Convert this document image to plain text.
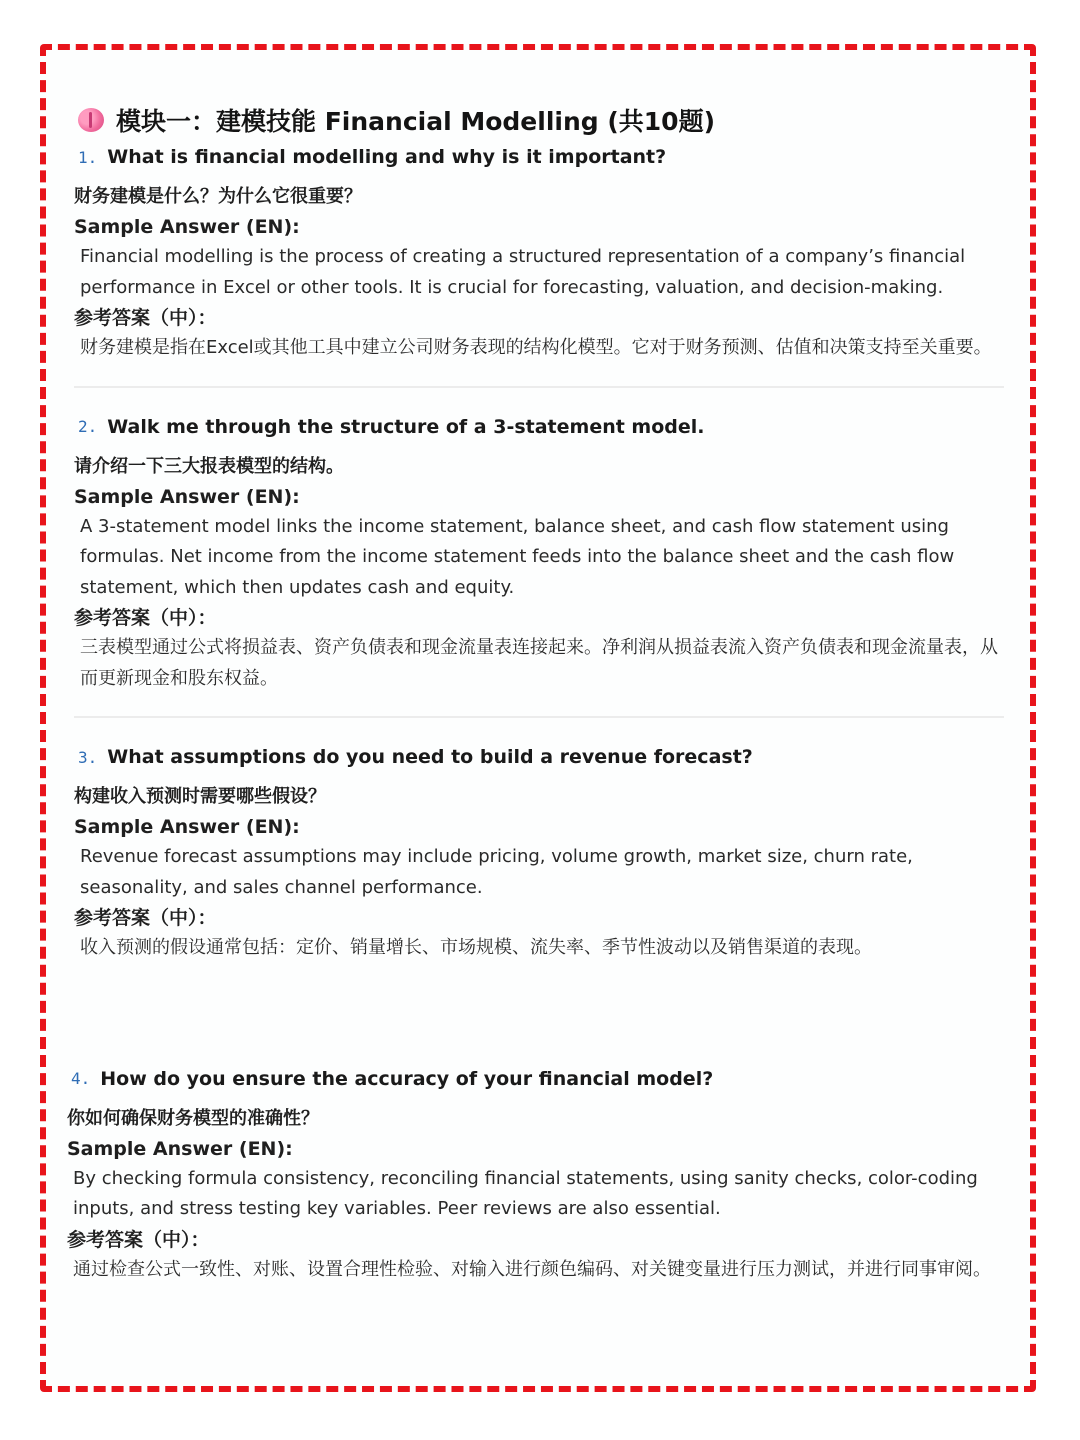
模块一：建模技能 Financial Modelling (共10题)
1. What is financial modelling and why is it important?
财务建模是什么？为什么它很重要？
Sample Answer (EN):
Financial modelling is the process of creating a structured representation of a company’s financial performance in Excel or other tools. It is crucial for forecasting, valuation, and decision-making.
参考答案（中）：
财务建模是指在Excel或其他工具中建立公司财务表现的结构化模型。它对于财务预测、估值和决策支持至关重要。
2. Walk me through the structure of a 3-statement model.
请介绍一下三大报表模型的结构。
Sample Answer (EN):
A 3-statement model links the income statement, balance sheet, and cash flow statement using formulas. Net income from the income statement feeds into the balance sheet and the cash flow statement, which then updates cash and equity.
参考答案（中）：
三表模型通过公式将损益表、资产负债表和现金流量表连接起来。净利润从损益表流入资产负债表和现金流量表，从而更新现金和股东权益。
3. What assumptions do you need to build a revenue forecast?
构建收入预测时需要哪些假设？
Sample Answer (EN):
Revenue forecast assumptions may include pricing, volume growth, market size, churn rate, seasonality, and sales channel performance.
参考答案（中）：
收入预测的假设通常包括：定价、销量增长、市场规模、流失率、季节性波动以及销售渠道的表现。
4. How do you ensure the accuracy of your financial model?
你如何确保财务模型的准确性？
Sample Answer (EN):
By checking formula consistency, reconciling financial statements, using sanity checks, color-coding inputs, and stress testing key variables. Peer reviews are also essential.
参考答案（中）：
通过检查公式一致性、对账、设置合理性检验、对输入进行颜色编码、对关键变量进行压力测试，并进行同事审阅。
